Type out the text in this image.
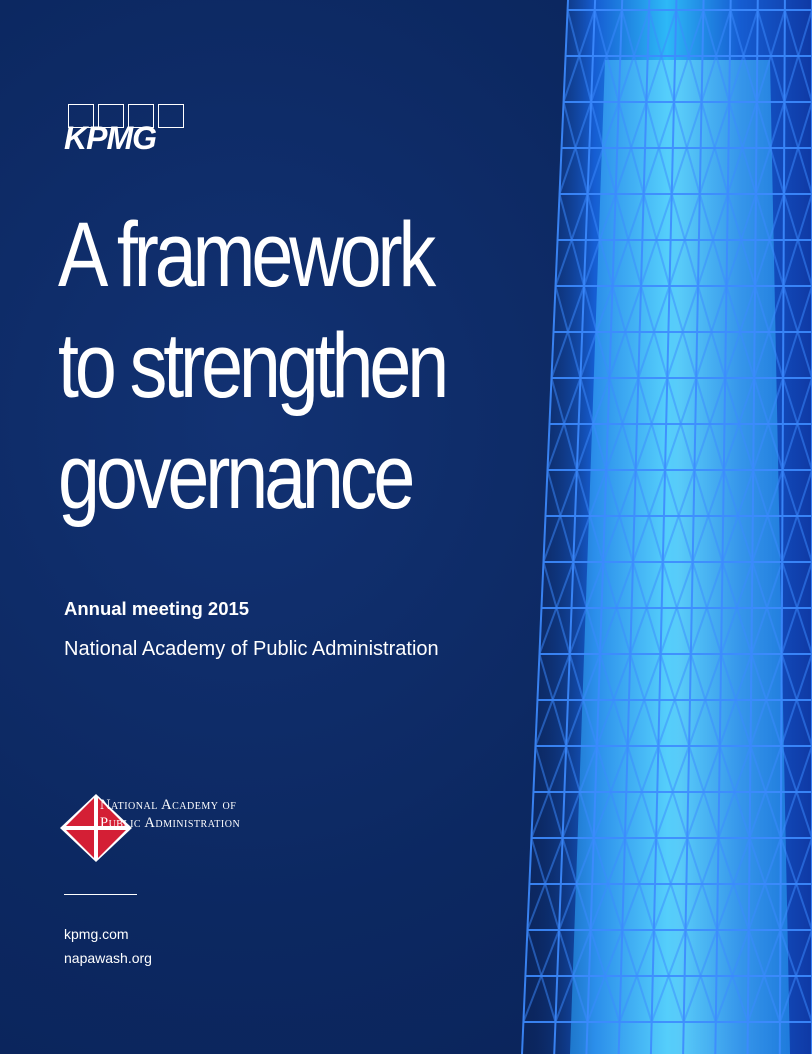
KPMG
A framework
to strengthen
governance
Annual meeting 2015
National Academy of Public Administration
National Academy of
Public Administration
kpmg.com
napawash.org
